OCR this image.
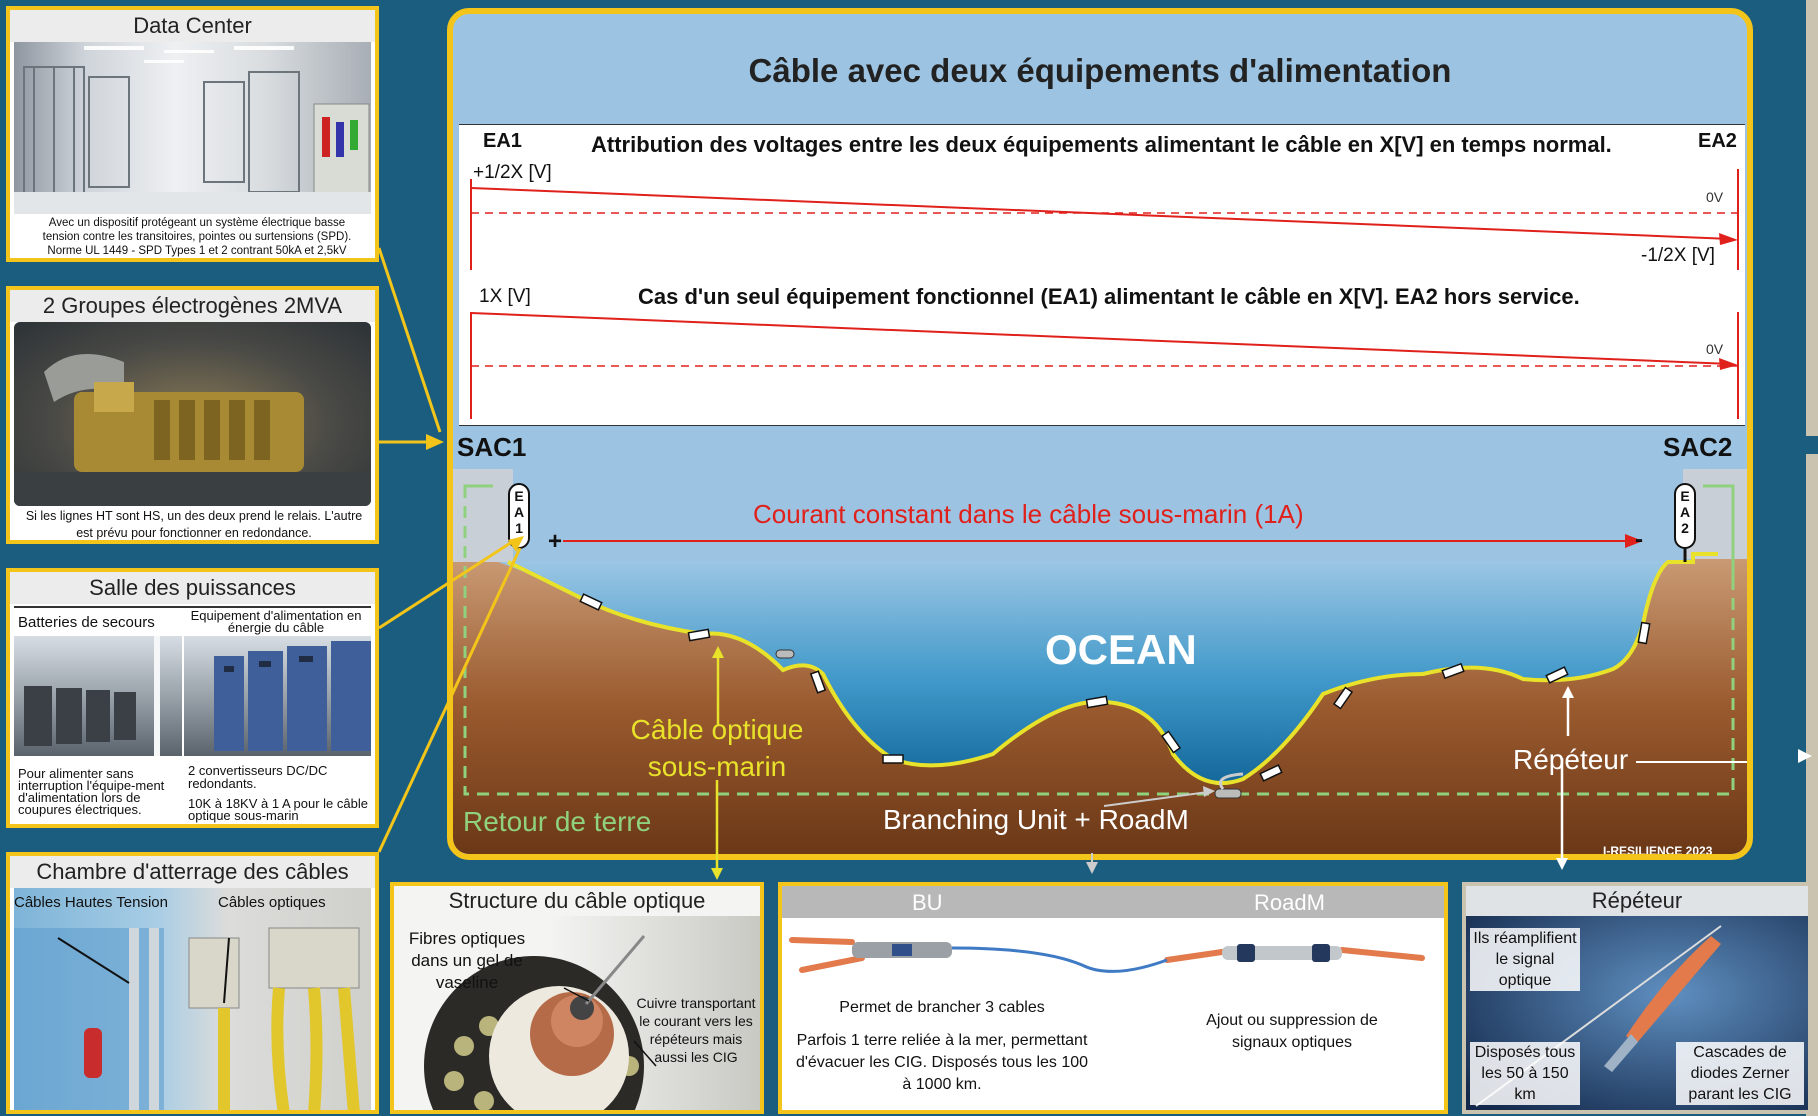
Data Center
Avec un dispositif protégeant un système électrique basse tension contre les transitoires, pointes ou surtensions (SPD). Norme UL 1449 - SPD Types 1 et 2 contrant 50kA et 2,5kV
2 Groupes électrogènes 2MVA
Si les lignes HT sont HS, un des deux prend le relais. L'autre est prévu pour fonctionner en redondance.
Salle des puissances
Batteries de secours	Equipement d'alimentation en énergie du câble
Pour alimenter sans interruption l'équipe-ment d'alimentation lors de coupures électriques.
2 convertisseurs DC/DC redondants.
10K à 18KV à 1 A pour le câble optique sous-marin
Chambre d'atterrage des câbles
Câbles Hautes Tension	Câbles optiques
Câble avec deux équipements d'alimentation
EA1	EA2
Attribution des voltages entre les deux équipements alimentant le câble en X[V] en temps normal.
+1/2X [V]
0V
-1/2X [V]
1X [V]	Cas d'un seul équipement fonctionnel (EA1) alimentant le câble en X[V]. EA2 hors service.
0V
SAC1	SAC2
EA1
EA2
+	-
Courant constant dans le câble sous-marin (1A)
OCEAN
Câble optique
sous-marin	Répéteur
Retour de terre	Branching Unit + RoadM
I-RESILIENCE 2023
Structure du câble optique
Fibres optiques dans un gel de vaseline
Cuivre transportant le courant vers les répéteurs mais aussi les CIG
BU	RoadM
Permet de brancher 3 cables
Parfois 1 terre reliée à la mer, permettant d'évacuer les CIG. Disposés tous les 100 à 1000 km.
Ajout ou suppression de signaux optiques
Répéteur
Ils réamplifient le signal optique
Disposés tous les 50 à 150 km
Cascades de diodes Zerner parant les CIG
